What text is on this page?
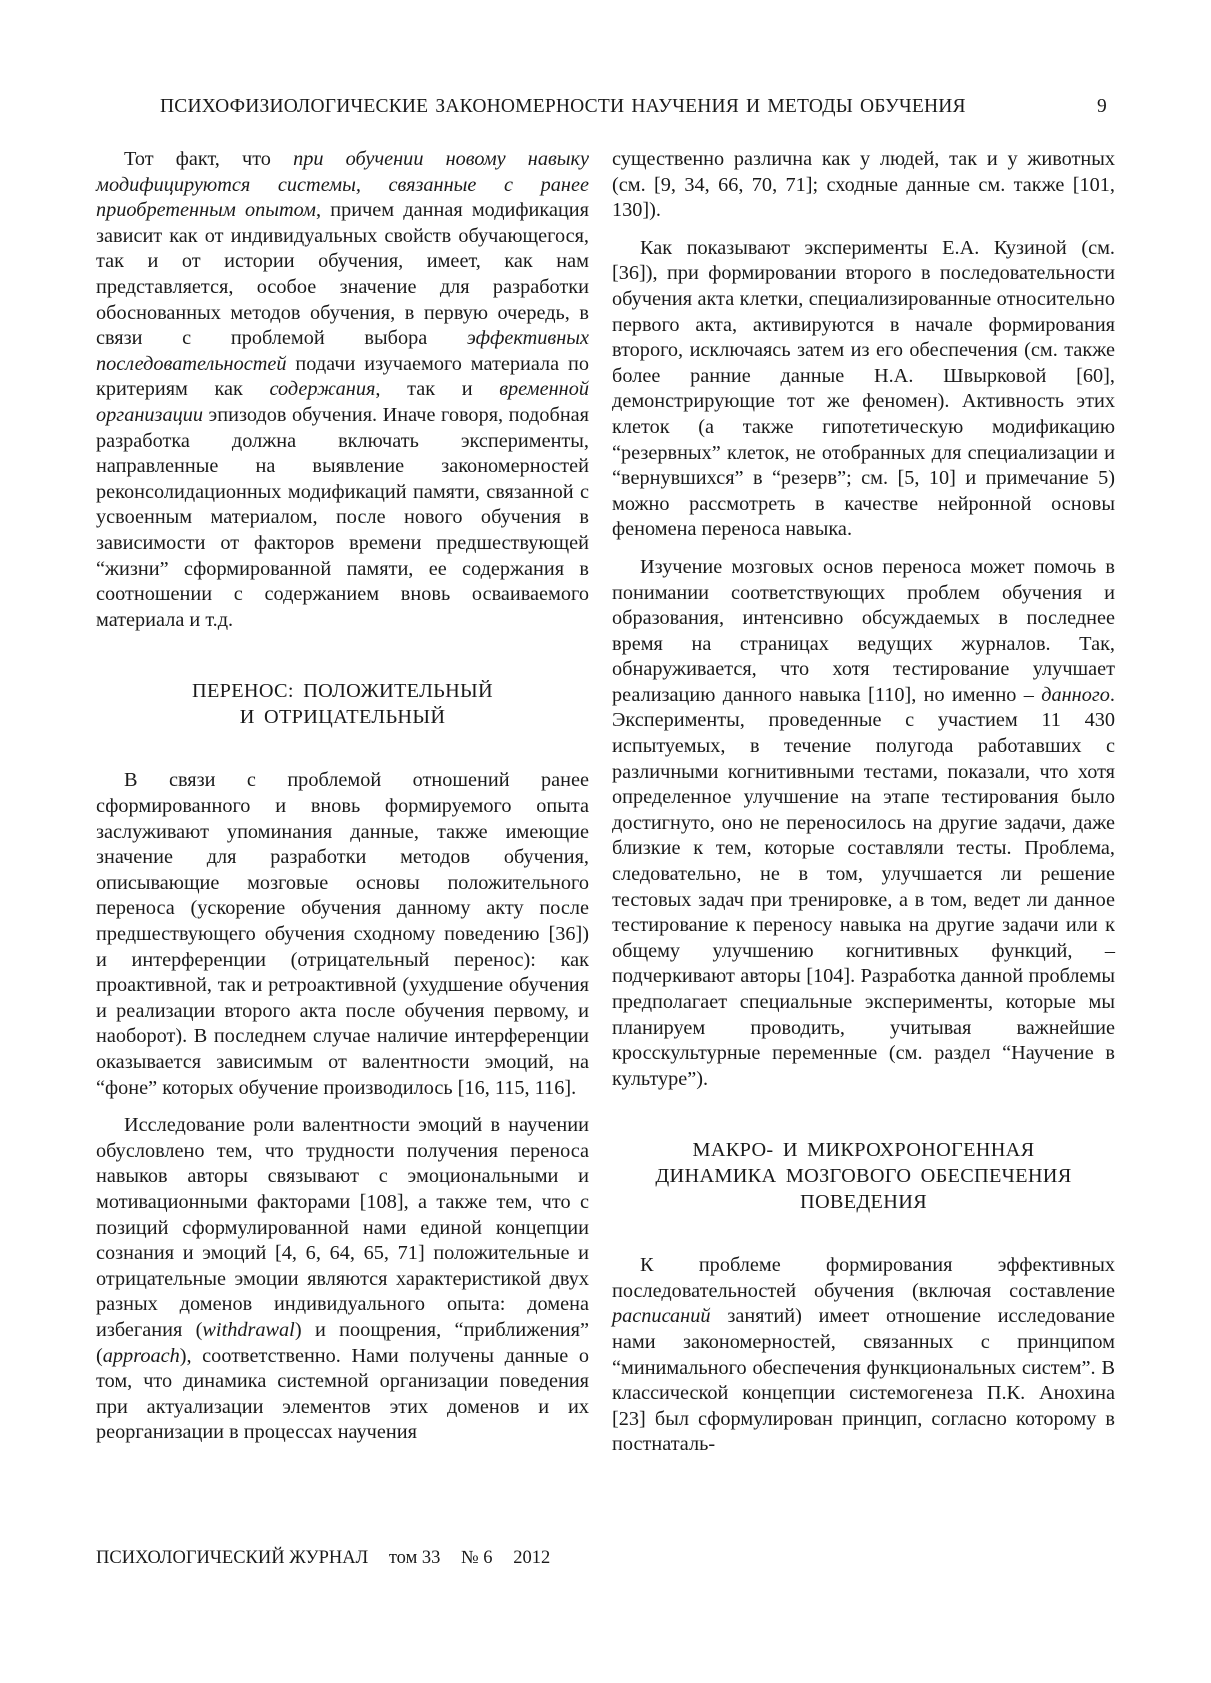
ПСИХОФИЗИОЛОГИЧЕСКИЕ ЗАКОНОМЕРНОСТИ НАУЧЕНИЯ И МЕТОДЫ ОБУЧЕНИЯ	9

Тот факт, что при обучении новому навыку модифицируются системы, связанные с ранее приобретенным опытом, причем данная модификация зависит как от индивидуальных свойств обучающегося, так и от истории обучения, имеет, как нам представляется, особое значение для разработки обоснованных методов обучения, в первую очередь, в связи с проблемой выбора эффективных последовательностей подачи изучаемого материала по критериям как содержания, так и временной организации эпизодов обучения. Иначе говоря, подобная разработка должна включать эксперименты, направленные на выявление закономерностей реконсолидационных модификаций памяти, связанной с усвоенным материалом, после нового обучения в зависимости от факторов времени предшествующей “жизни” сформированной памяти, ее содержания в соотношении с содержанием вновь осваиваемого материала и т.д.

ПЕРЕНОС: ПОЛОЖИТЕЛЬНЫЙ
И ОТРИЦАТЕЛЬНЫЙ

В связи с проблемой отношений ранее сформированного и вновь формируемого опыта заслуживают упоминания данные, также имеющие значение для разработки методов обучения, описывающие мозговые основы положительного переноса (ускорение обучения данному акту после предшествующего обучения сходному поведению [36]) и интерференции (отрицательный перенос): как проактивной, так и ретроактивной (ухудшение обучения и реализации второго акта после обучения первому, и наоборот). В последнем случае наличие интерференции оказывается зависимым от валентности эмоций, на “фоне” которых обучение производилось [16, 115, 116].

Исследование роли валентности эмоций в научении обусловлено тем, что трудности получения переноса навыков авторы связывают с эмоциональными и мотивационными факторами [108], а также тем, что с позиций сформулированной нами единой концепции сознания и эмоций [4, 6, 64, 65, 71] положительные и отрицательные эмоции являются характеристикой двух разных доменов индивидуального опыта: домена избегания (withdrawal) и поощрения, “приближения” (approach), соответственно. Нами получены данные о том, что динамика системной организации поведения при актуализации элементов этих доменов и их реорганизации в процессах научения

существенно различна как у людей, так и у животных (см. [9, 34, 66, 70, 71]; сходные данные см. также [101, 130]).

Как показывают эксперименты Е.А. Кузиной (см. [36]), при формировании второго в последовательности обучения акта клетки, специализированные относительно первого акта, активируются в начале формирования второго, исключаясь затем из его обеспечения (см. также более ранние данные Н.А. Швырковой [60], демонстрирующие тот же феномен). Активность этих клеток (а также гипотетическую модификацию “резервных” клеток, не отобранных для специализации и “вернувшихся” в “резерв”; см. [5, 10] и примечание 5) можно рассмотреть в качестве нейронной основы феномена переноса навыка.

Изучение мозговых основ переноса может помочь в понимании соответствующих проблем обучения и образования, интенсивно обсуждаемых в последнее время на страницах ведущих журналов. Так, обнаруживается, что хотя тестирование улучшает реализацию данного навыка [110], но именно – данного. Эксперименты, проведенные с участием 11 430 испытуемых, в течение полугода работавших с различными когнитивными тестами, показали, что хотя определенное улучшение на этапе тестирования было достигнуто, оно не переносилось на другие задачи, даже близкие к тем, которые составляли тесты. Проблема, следовательно, не в том, улучшается ли решение тестовых задач при тренировке, а в том, ведет ли данное тестирование к переносу навыка на другие задачи или к общему улучшению когнитивных функций, – подчеркивают авторы [104]. Разработка данной проблемы предполагает специальные эксперименты, которые мы планируем проводить, учитывая важнейшие кросскультурные переменные (см. раздел “Научение в культуре”).

МАКРО- И МИКРОХРОНОГЕННАЯ
ДИНАМИКА МОЗГОВОГО ОБЕСПЕЧЕНИЯ
ПОВЕДЕНИЯ

К проблеме формирования эффективных последовательностей обучения (включая составление расписаний занятий) имеет отношение исследование нами закономерностей, связанных с принципом “минимального обеспечения функциональных систем”. В классической концепции системогенеза П.К. Анохина [23] был сформулирован принцип, согласно которому в постнаталь-

ПСИХОЛОГИЧЕСКИЙ ЖУРНАЛ том 33 № 6 2012
